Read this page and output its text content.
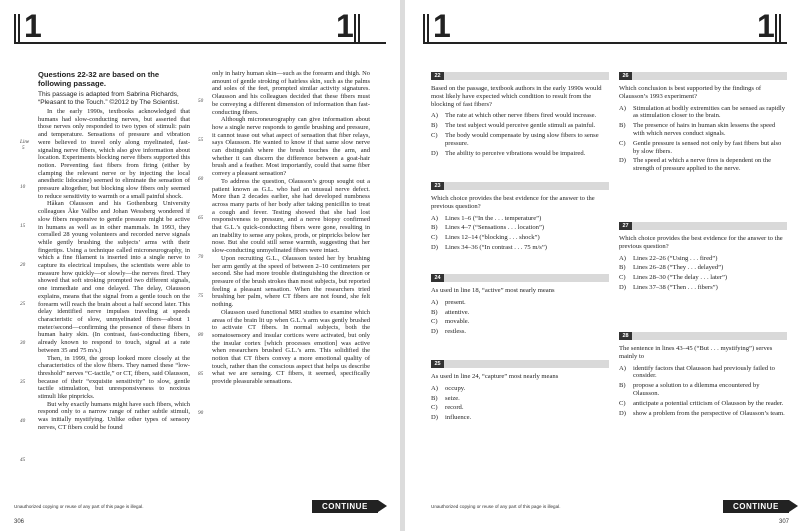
1	1
Questions 22-32 are based on the following passage.
This passage is adapted from Sabrina Richards, “Pleasant to the Touch.” ©2012 by The Scientist.

In the early 1990s, textbooks acknowledged that humans had slow-conducting nerves, but asserted that those nerves only responded to two types of stimuli: pain and temperature. Sensations of pressure and vibration were believed to travel only along myelinated, fast-signaling nerve fibers, which also give information about location. Experiments blocking nerve fibers supported this notion. Preventing fast fibers from firing (either by clamping the relevant nerve or by injecting the local anesthetic lidocaine) seemed to eliminate the sensation of pressure altogether, but blocking slow fibers only seemed to reduce sensitivity to warmth or a small painful shock.

Håkan Olausson and his Gothenburg University colleagues Åke Vallbo and Johan Wessberg wondered if slow fibers responsive to gentle pressure might be active in humans as well as in other mammals. In 1993, they corralled 28 young volunteers and recorded nerve signals while gently brushing the subjects’ arms with their fingertips. Using a technique called microneurography, in which a fine filament is inserted into a single nerve to capture its electrical impulses, the scientists were able to measure how quickly—or slowly—the nerves fired. They showed that soft stroking prompted two different signals, one immediate and one delayed. The delay, Olausson explains, means that the signal from a gentle touch on the forearm will reach the brain about a half second later. This delay identified nerve impulses traveling at speeds characteristic of slow, unmyelinated fibers—about 1 meter/second—confirming the presence of these fibers in human hairy skin. (In contrast, fast-conducting fibers, already known to respond to touch, signal at a rate between 35 and 75 m/s.)

Then, in 1999, the group looked more closely at the characteristics of the slow fibers. They named these “low-threshold” nerves “C-tactile,” or CT, fibers, said Olausson, because of their “exquisite sensitivity” to slow, gentle tactile stimulation, but unresponsiveness to noxious stimuli like pinpricks.

But why exactly humans might have such fibers, which respond only to a narrow range of rather subtle stimuli, was initially mystifying. Unlike other types of sensory nerves, CT fibers could be found

Line
5
10
15
20
25
30
35
40
45

only in hairy human skin—such as the forearm and thigh. No amount of gentle stroking of hairless skin, such as the palms and soles of the feet, prompted similar activity signatures. Olausson and his colleagues decided that these fibers must be conveying a different dimension of information than fast-conducting fibers.

Although microneurography can give information about how a single nerve responds to gentle brushing and pressure, it cannot tease out what aspect of sensation that fiber relays, says Olausson. He wanted to know if that same slow nerve can distinguish where the brush touches the arm, and whether it can discern the difference between a goat-hair brush and a feather. Most importantly, could that same fiber convey a pleasant sensation?

To address the question, Olausson’s group sought out a patient known as G.L. who had an unusual nerve defect. More than 2 decades earlier, she had developed numbness across many parts of her body after taking penicillin to treat a cough and fever. Testing showed that she had lost responsiveness to pressure, and a nerve biopsy confirmed that G.L.’s quick-conducting fibers were gone, resulting in an inability to sense any pokes, prods, or pinpricks below her nose. But she could still sense warmth, suggesting that her slow-conducting unmyelinated fibers were intact.

Upon recruiting G.L., Olausson tested her by brushing her arm gently at the speed of between 2–10 centimeters per second. She had more trouble distinguishing the direction or pressure of the brush strokes than most subjects, but reported feeling a pleasant sensation. When the researchers tried brushing her palm, where CT fibers are not found, she felt nothing.

Olausson used functional MRI studies to examine which areas of the brain lit up when G.L.’s arm was gently brushed to activate CT fibers. In normal subjects, both the somatosensory and insular cortices were activated, but only the insular cortex [which processes emotion] was active when researchers brushed G.L.’s arm. This solidified the notion that CT fibers convey a more emotional quality of touch, rather than the conscious aspect that helps us describe what we are sensing. CT fibers, it seemed, specifically provide pleasurable sensations.

50
55
60
65
70
75
80
85
90
Unauthorized copying or reuse of any part of this page is illegal.	CONTINUE
306
1	1
22
Based on the passage, textbook authors in the early 1990s would most likely have expected which condition to result from the blocking of fast fibers?
A)	The rate at which other nerve fibers fired would increase.
B)	The test subject would perceive gentle stimuli as painful.
C)	The body would compensate by using slow fibers to sense pressure.
D)	The ability to perceive vibrations would be impaired.
23
Which choice provides the best evidence for the answer to the previous question?
A)	Lines 1–6 (“In the . . . temperature”)
B)	Lines 4–7 (“Sensations . . . location”)
C)	Lines 12–14 (“blocking . . . shock”)
D)	Lines 34–36 (“In contrast . . . 75 m/s”)
24
As used in line 18, “active” most nearly means
A)	present.
B)	attentive.
C)	movable.
D)	restless.
25
As used in line 24, “capture” most nearly means
A)	occupy.
B)	seize.
C)	record.
D)	influence.
26
Which conclusion is best supported by the findings of Olausson’s 1993 experiment?
A)	Stimulation at bodily extremities can be sensed as rapidly as stimulation closer to the brain.
B)	The presence of hairs in human skin lessens the speed with which nerves conduct signals.
C)	Gentle pressure is sensed not only by fast fibers but also by slow fibers.
D)	The speed at which a nerve fires is dependent on the strength of pressure applied to the nerve.
27
Which choice provides the best evidence for the answer to the previous question?
A)	Lines 22–26 (“Using . . . fired”)
B)	Lines 26–28 (“They . . . delayed”)
C)	Lines 28–30 (“The delay . . . later”)
D)	Lines 37–38 (“Then . . . fibers”)
28
The sentence in lines 43–45 (“But . . . mystifying”) serves mainly to
A)	identify factors that Olausson had previously failed to consider.
B)	propose a solution to a dilemma encountered by Olausson.
C)	anticipate a potential criticism of Olausson by the reader.
D)	show a problem from the perspective of Olausson’s team.
Unauthorized copying or reuse of any part of this page is illegal.	CONTINUE
307
